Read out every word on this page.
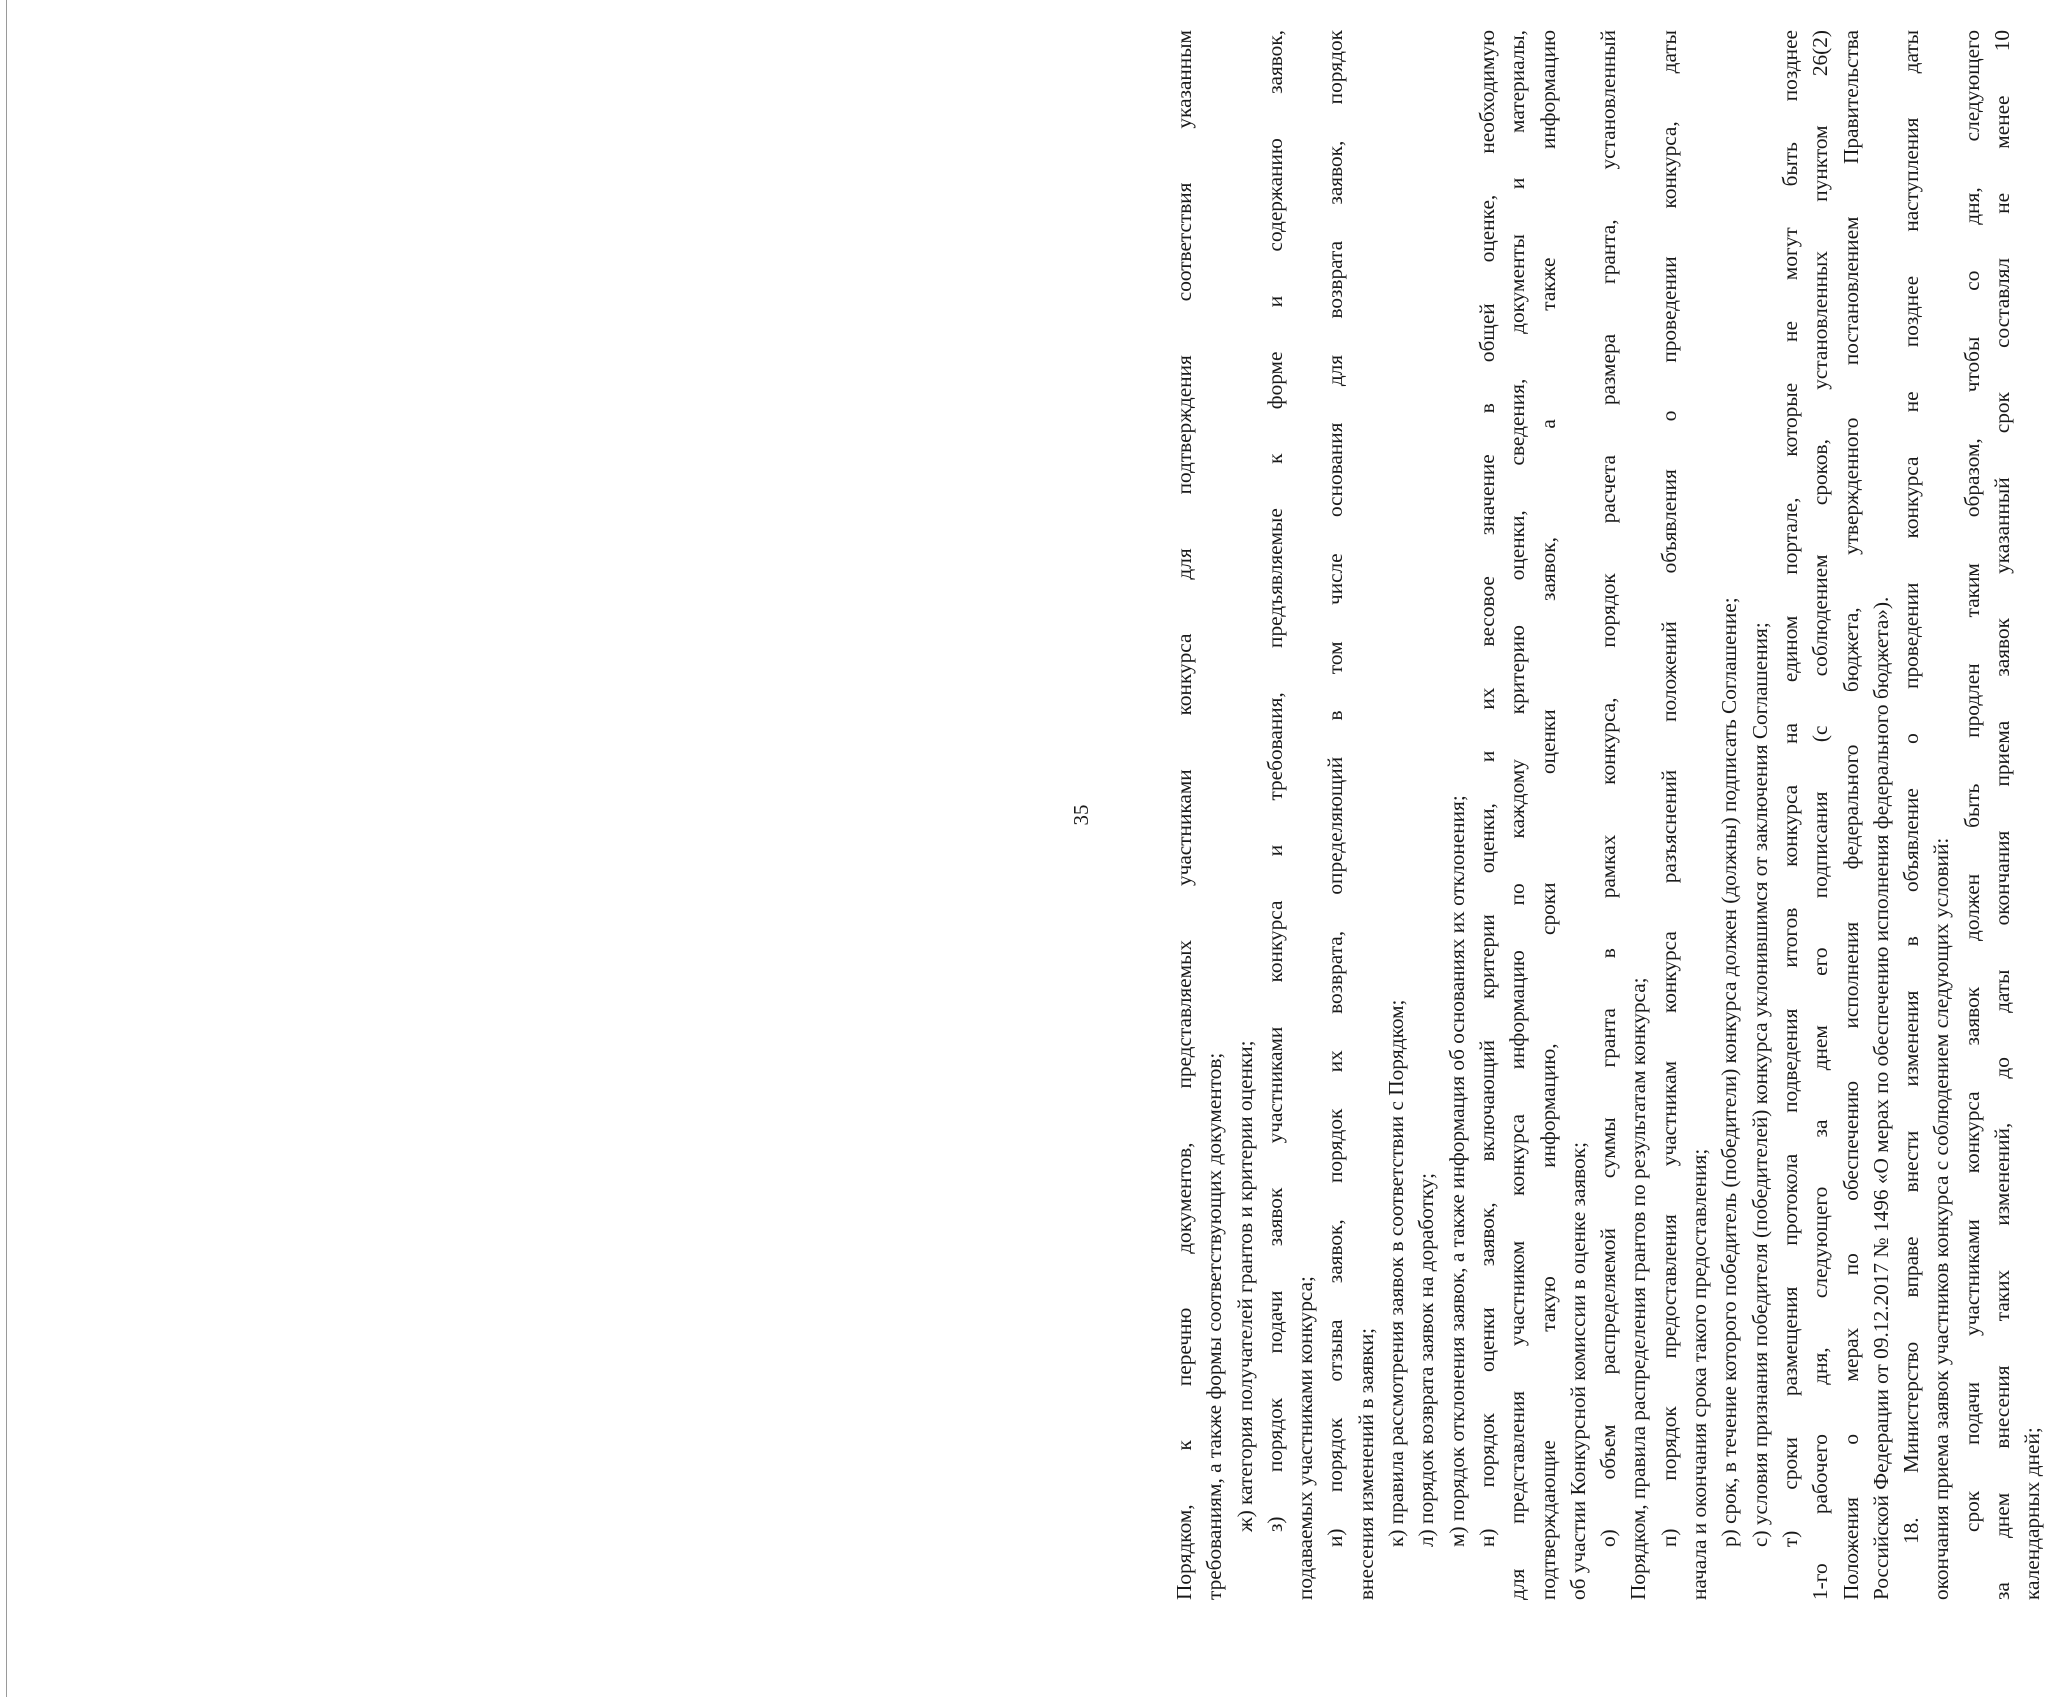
35	Порядком, к перечню документов, представляемых участниками конкурса для подтверждения соответствия указанным требованиям, а также формы соответствующих документов; ж) категория получателей грантов и критерии оценки; з) порядок подачи заявок участниками конкурса и требования, предъявляемые к форме и содержанию заявок, подаваемых участниками конкурса; и) порядок отзыва заявок, порядок их возврата, определяющий в том числе основания для возврата заявок, порядок внесения изменений в заявки; к) правила рассмотрения заявок в соответствии с Порядком; л) порядок возврата заявок на доработку; м) порядок отклонения заявок, а также информация об основаниях их отклонения; н) порядок оценки заявок, включающий критерии оценки, и их весовое значение в общей оценке, необходимую для представления участником конкурса информацию по каждому критерию оценки, сведения, документы и материалы, подтверждающие такую информацию, сроки оценки заявок, а также информацию об участии Конкурсной комиссии в оценке заявок; о) объем распределяемой суммы гранта в рамках конкурса, порядок расчета размера гранта, установленный Порядком, правила распределения грантов по результатам конкурса; п) порядок предоставления участникам конкурса разъяснений положений объявления о проведении конкурса, даты начала и окончания срока такого предоставления; р) срок, в течение которого победитель (победители) конкурса должен (должны) подписать Соглашение; с) условия признания победителя (победителей) конкурса уклонившимся от заключения Соглашения; т) сроки размещения протокола подведения итогов конкурса на едином портале, которые не могут быть позднее 1-го рабочего дня, следующего за днем его подписания (с соблюдением сроков, установленных пунктом 26(2) Положения о мерах по обеспечению исполнения федерального бюджета, утвержденного постановлением Правительства Российской Федерации от 09.12.2017 № 1496 «О мерах по обеспечению исполнения федерального бюджета»). 18. Министерство вправе внести изменения в объявление о проведении конкурса не позднее наступления даты окончания приема заявок участников конкурса с соблюдением следующих условий: срок подачи участниками конкурса заявок должен быть продлен таким образом, чтобы со дня, следующего за днем внесения таких изменений, до даты окончания приема заявок указанный срок составлял не менее 10 календарных дней;
